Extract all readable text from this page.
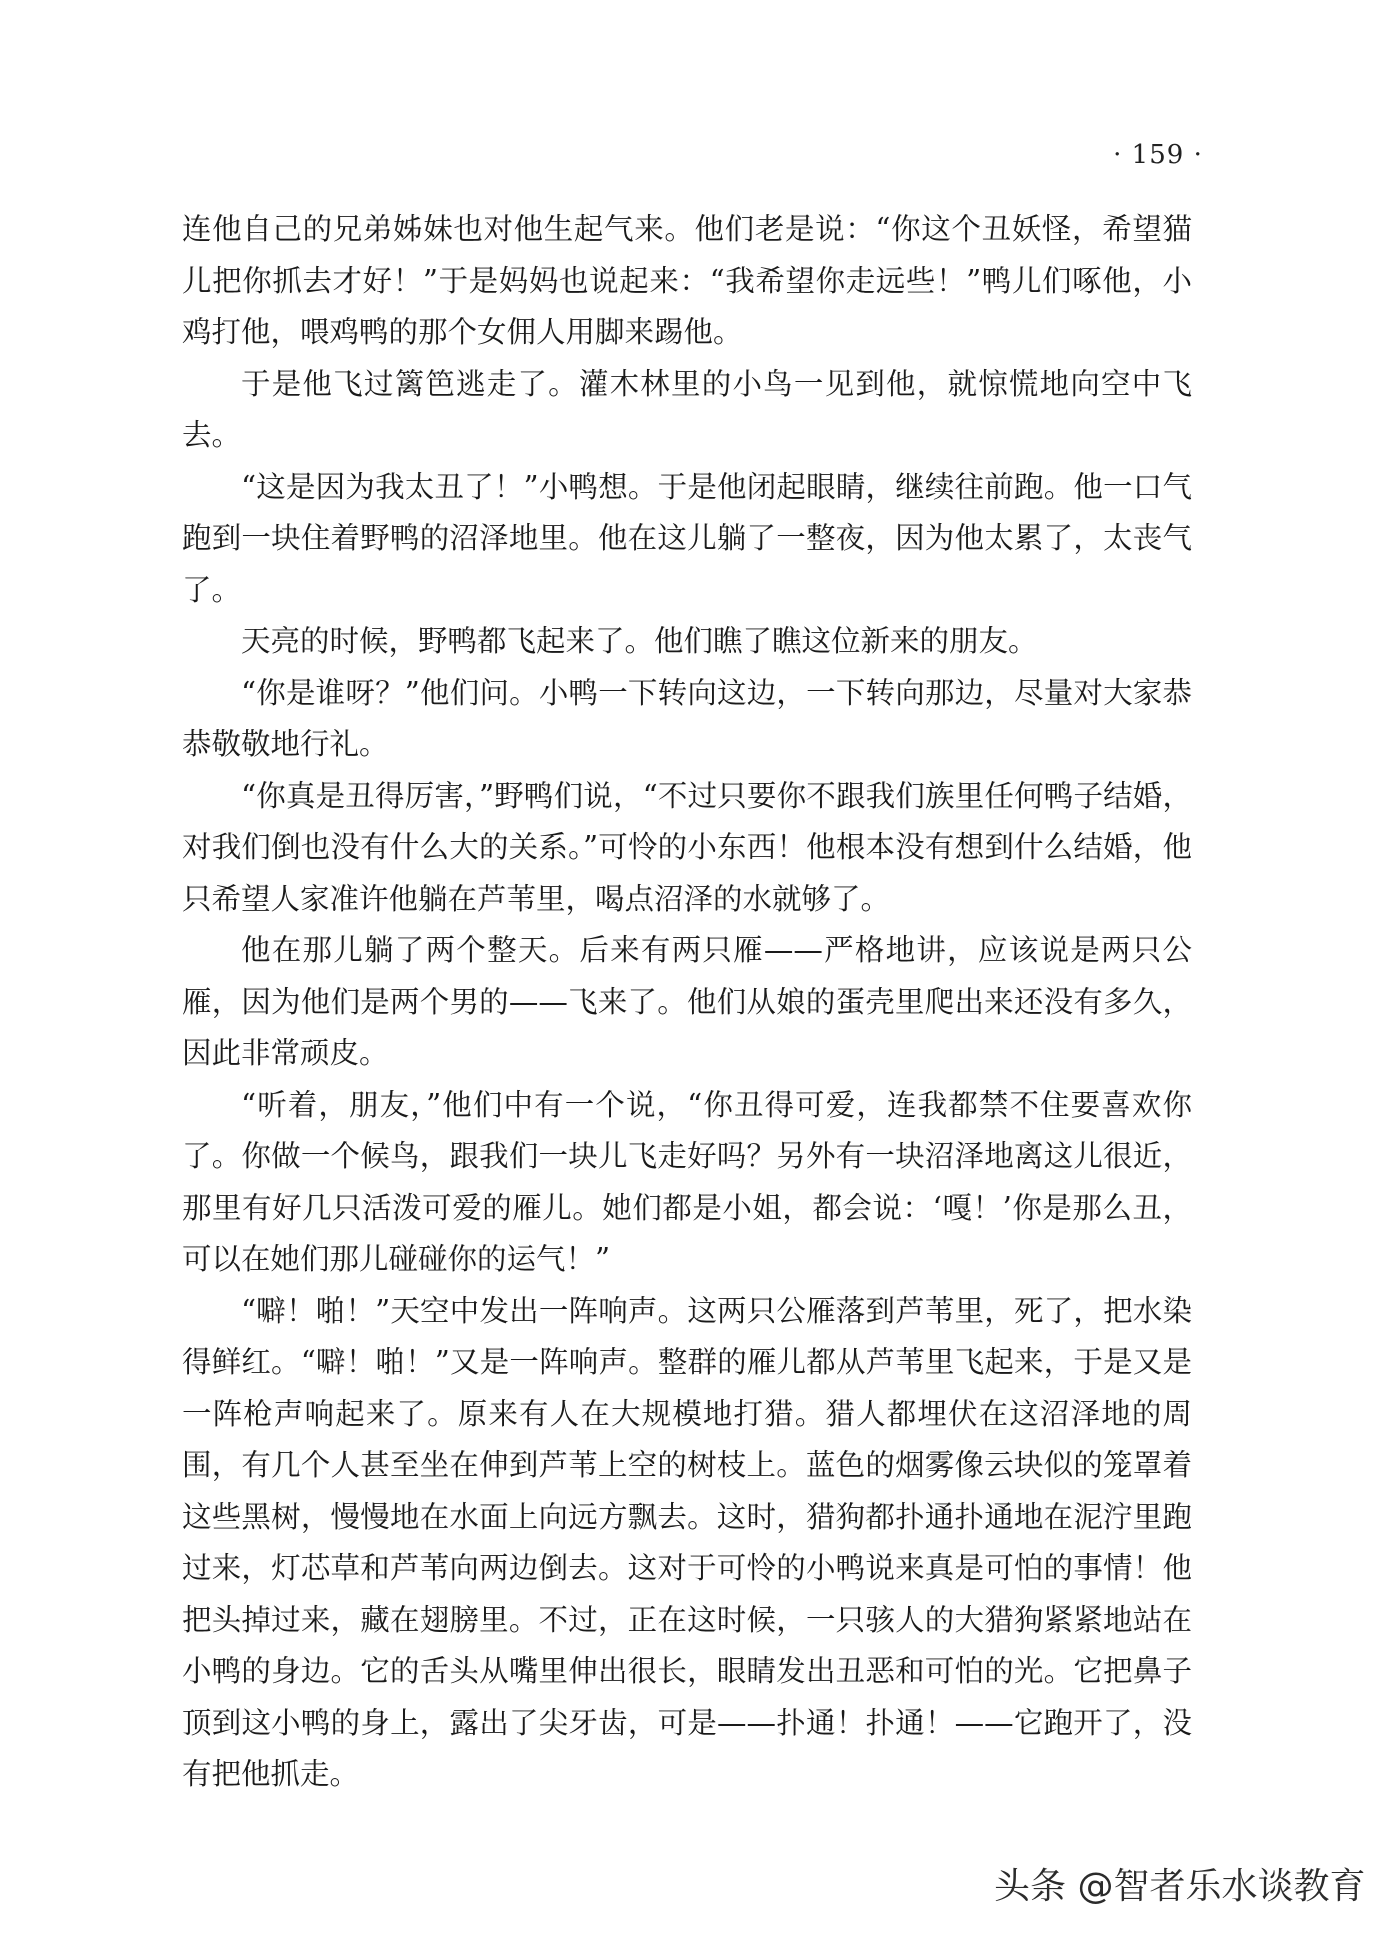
· 159 ·

连他自己的兄弟姊妹也对他生起气来。他们老是说：“你这个丑妖怪，希望猫儿把你抓去才好！”于是妈妈也说起来：“我希望你走远些！”鸭儿们啄他，小鸡打他，喂鸡鸭的那个女佣人用脚来踢他。

于是他飞过篱笆逃走了。灌木林里的小鸟一见到他，就惊慌地向空中飞去。

“这是因为我太丑了！”小鸭想。于是他闭起眼睛，继续往前跑。他一口气跑到一块住着野鸭的沼泽地里。他在这儿躺了一整夜，因为他太累了，太丧气了。

天亮的时候，野鸭都飞起来了。他们瞧了瞧这位新来的朋友。

“你是谁呀？”他们问。小鸭一下转向这边，一下转向那边，尽量对大家恭恭敬敬地行礼。

“你真是丑得厉害，”野鸭们说，“不过只要你不跟我们族里任何鸭子结婚，对我们倒也没有什么大的关系。”可怜的小东西！他根本没有想到什么结婚，他只希望人家准许他躺在芦苇里，喝点沼泽的水就够了。

他在那儿躺了两个整天。后来有两只雁——严格地讲，应该说是两只公雁，因为他们是两个男的——飞来了。他们从娘的蛋壳里爬出来还没有多久，因此非常顽皮。

“听着，朋友，”他们中有一个说，“你丑得可爱，连我都禁不住要喜欢你了。你做一个候鸟，跟我们一块儿飞走好吗？另外有一块沼泽地离这儿很近，那里有好几只活泼可爱的雁儿。她们都是小姐，都会说：‘嘎！’你是那么丑，可以在她们那儿碰碰你的运气！”

“噼！啪！”天空中发出一阵响声。这两只公雁落到芦苇里，死了，把水染得鲜红。“噼！啪！”又是一阵响声。整群的雁儿都从芦苇里飞起来，于是又是一阵枪声响起来了。原来有人在大规模地打猎。猎人都埋伏在这沼泽地的周围，有几个人甚至坐在伸到芦苇上空的树枝上。蓝色的烟雾像云块似的笼罩着这些黑树，慢慢地在水面上向远方飘去。这时，猎狗都扑通扑通地在泥泞里跑过来，灯芯草和芦苇向两边倒去。这对于可怜的小鸭说来真是可怕的事情！他把头掉过来，藏在翅膀里。不过，正在这时候，一只骇人的大猎狗紧紧地站在小鸭的身边。它的舌头从嘴里伸出很长，眼睛发出丑恶和可怕的光。它把鼻子顶到这小鸭的身上，露出了尖牙齿，可是——扑通！扑通！——它跑开了，没有把他抓走。

头条 @智者乐水谈教育
